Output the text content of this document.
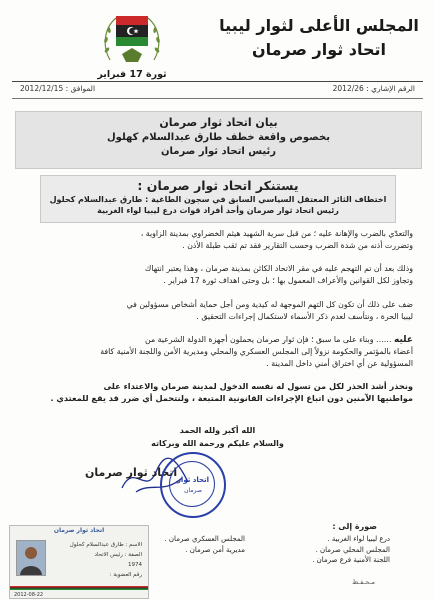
المجلس الأعلى لثوار ليبيا
اتحاد ثوار صرمان
ثورة 17 فبراير
الرقم الإشاري : 2012/26
الموافق : 2012/12/15
بيان اتحاد ثوار صرمان
بخصوص واقعة خطف طارق عبدالسلام كهلول
رئيس اتحاد ثوار صرمان
يستنكر اتحاد ثوار صرمان :
اختطاف الثائر المعتقل السياسي السابق في سجون الطاغية : طارق عبدالسلام كحلول
رئيس اتحاد ثوار صرمان وأحد أفراد قوات درع ليبيا لواء الغربية

والتعدّي بالضرب والإهانة عليه ؛ من قبل سرية الشهيد هيثم الخضراوي بمدينة الزاوية ،

وتضررت أذنه من شدة الضرب وحسب التقارير فقد تم ثقب طبلة الأذن .

وذلك بعد أن تم التهجم عليه في مقر الاتحاد الكائن بمدينة صرمان ، وهذا يعتبر انتهاك

وتجاوز لكل القوانين والأعراف المعمول بها ؛ بل وحتى اهداف ثورة 17 فبراير .

ضف على ذلك أن تكون كل التهم الموجهة له كيدية ومن أجل حماية أشخاص مسؤولين في

ليبيا الحرة ، ونتأسف لعدم ذكر الأسماء لاستكمال إجراءات التحقيق .

عليه …… وبناء على ما سبق ؛ فإن ثوار صرمان يحملون أجهزة الدولة الشرعية من

أعضاء بالمؤتمر والحكومة نزولاً إلى المجلس العسكري والمحلي ومديرية الأمن واللجنة الأمنية كافة

المسؤولية عن أي اختراق أمني داخل المدينة .

ونحذر أشد الحذر لكل من تسول له نفسه الدخول لمدينة صرمان والاعتداء على

مواطنيها الآمنين دون اتباع الإجراءات القانونية المتبعة ، ولنتحمل أي ضرر قد يقع للمعتدي .

الله أكبر ولله الحمد
والسلام عليكم ورحمة الله وبركاته
اتحاد ثوار صرمان
اتحاد ثوار
صرمان
صورة إلى :
درع ليبيا لواء الغربية .
المجلس المحلي صرمان .
اللجنة الأمنية فرع صرمان .
المجلس العسكري صرمان .
مديرية أمن صرمان .
مـحـفـظ
اتحاد ثوار صرمان
الاسم : طارق عبدالسلام كحلول
الصفة : رئيس الاتحاد
1974
رقم العضوية :
2012-08-22
